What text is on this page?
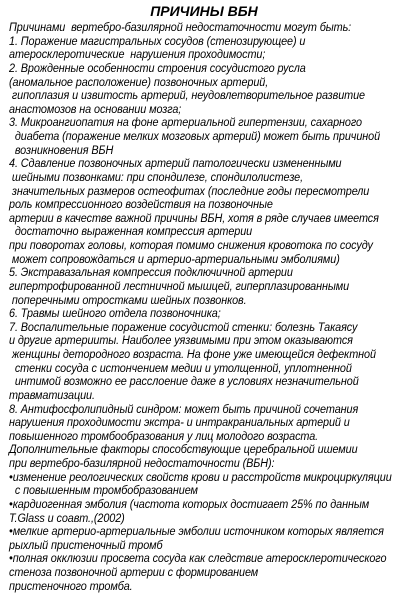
ПРИЧИНЫ ВБН
Причинами  вертебро-базилярной недостаточности могут быть:
1. Поражение магистральных сосудов (стенозирующее) и
атеросклеротические  нарушения проходимости;
2. Врожденные особенности строения сосудистого русла
(аномальное расположение) позвоночных артерий,
гипоплазия и извитость артерий, неудовлетворительное развитие
анастомозов на основании мозга;
3. Микроангиопатия на фоне артериальной гипертензии, сахарного
диабета (поражение мелких мозговых артерий) может быть причиной
возникновения ВБН
4. Сдавление позвоночных артерий патологически измененными
шейными позвонками: при спондилезе, спондилолистезе,
значительных размеров остеофитах (последние годы пересмотрели
роль компрессионного воздействия на позвоночные
артерии в качестве важной причины ВБН, хотя в ряде случаев имеется
достаточно выраженная компрессия артерии
при поворотах головы, которая помимо снижения кровотока по сосуду
может сопровождаться и артерио-артериальными эмболиями)
5. Экстравазальная компрессия подключичной артерии
гипертрофированной лестничной мышцей, гиперплазированными
поперечными отростками шейных позвонков.
6. Травмы шейного отдела позвоночника;
7. Воспалительные поражение сосудистой стенки: болезнь Такаясу
и другие артерииты. Наиболее уязвимыми при этом оказываются
женщины детородного возраста. На фоне уже имеющейся дефектной
стенки сосуда с истончением медии и утолщенной, уплотненной
интимой возможно ее расслоение даже в условиях незначительной
травматизации.
8. Антифосфолипидный синдром: может быть причиной сочетания
нарушения проходимости экстра- и интракраниальных артерий и
повышенного тромбообразования у лиц молодого возраста.
Дополнительные факторы способствующие церебральной ишемии
при вертебро-базилярной недостаточности (ВБН):
•изменение реологических свойств крови и расстройств микроциркуляции
с повышенным тромбобразованием
•кардиогенная эмболия (частота которых достигает 25% по данным
T.Glass и соавт.,(2002)
•мелкие артерио-артериальные эмболии источником которых является
рыхлый пристеночный тромб
•полная окклюзии просвета сосуда как следствие атеросклеротического
стеноза позвоночной артерии с формированием
пристеночного тромба.
